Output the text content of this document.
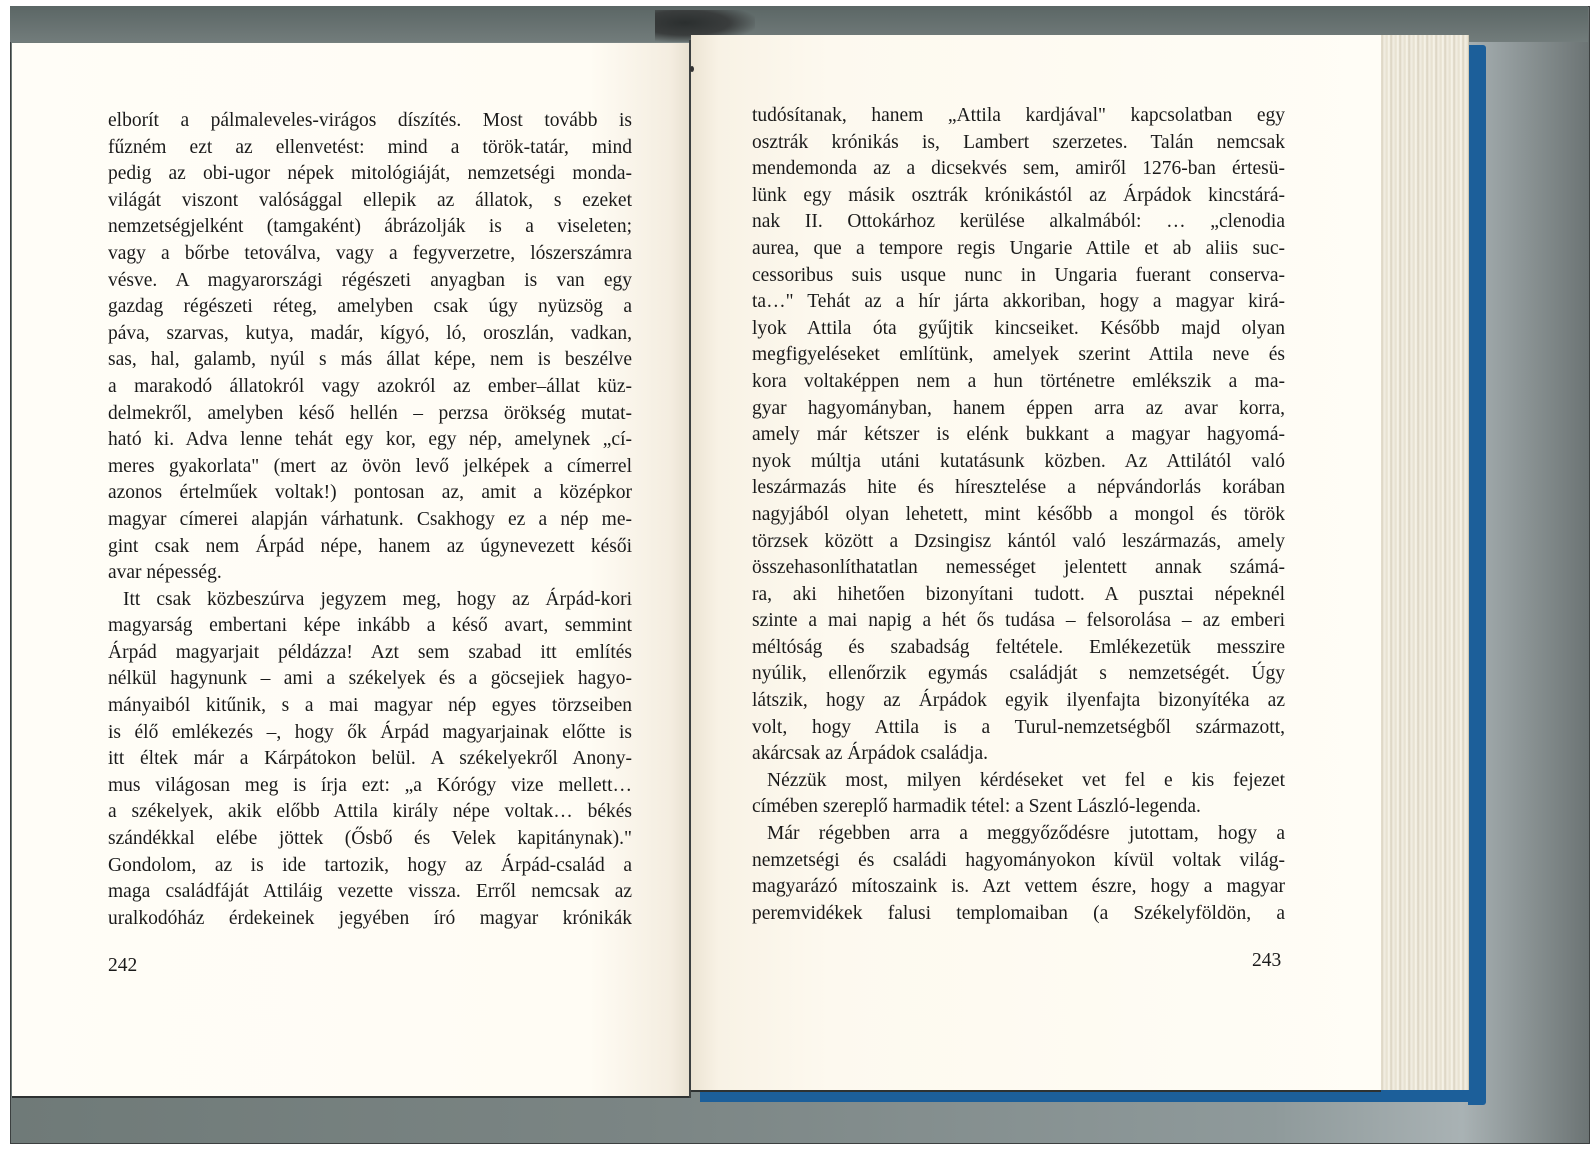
elborít a pálmaleveles-virágos díszítés. Most tovább is
fűzném ezt az ellenvetést: mind a török-tatár, mind
pedig az obi-ugor népek mitológiáját, nemzetségi monda-
világát viszont valósággal ellepik az állatok, s ezeket
nemzetségjelként (tamgaként) ábrázolják is a viseleten;
vagy a bőrbe tetoválva, vagy a fegyverzetre, lószerszámra
vésve. A magyarországi régészeti anyagban is van egy
gazdag régészeti réteg, amelyben csak úgy nyüzsög a
páva, szarvas, kutya, madár, kígyó, ló, oroszlán, vadkan,
sas, hal, galamb, nyúl s más állat képe, nem is beszélve
a marakodó állatokról vagy azokról az ember–állat küz-
delmekről, amelyben késő hellén – perzsa örökség mutat-
ható ki. Adva lenne tehát egy kor, egy nép, amelynek „cí-
meres gyakorlata" (mert az övön levő jelképek a címerrel
azonos értelműek voltak!) pontosan az, amit a középkor
magyar címerei alapján várhatunk. Csakhogy ez a nép me-
gint csak nem Árpád népe, hanem az úgynevezett késői
avar népesség.
Itt csak közbeszúrva jegyzem meg, hogy az Árpád-kori
magyarság embertani képe inkább a késő avart, semmint
Árpád magyarjait példázza! Azt sem szabad itt említés
nélkül hagynunk – ami a székelyek és a göcsejiek hagyo-
mányaiból kitűnik, s a mai magyar nép egyes törzseiben
is élő emlékezés –, hogy ők Árpád magyarjainak előtte is
itt éltek már a Kárpátokon belül. A székelyekről Anony-
mus világosan meg is írja ezt: „a Kórógy vize mellett…
a székelyek, akik előbb Attila király népe voltak… békés
szándékkal elébe jöttek (Ősbő és Velek kapitánynak)."
Gondolom, az is ide tartozik, hogy az Árpád-család a
maga családfáját Attiláig vezette vissza. Erről nemcsak az
uralkodóház érdekeinek jegyében író magyar krónikák
242
tudósítanak, hanem „Attila kardjával" kapcsolatban egy
osztrák krónikás is, Lambert szerzetes. Talán nemcsak
mendemonda az a dicsekvés sem, amiről 1276-ban értesü-
lünk egy másik osztrák krónikástól az Árpádok kincstárá-
nak II. Ottokárhoz kerülése alkalmából: … „clenodia
aurea, que a tempore regis Ungarie Attile et ab aliis suc-
cessoribus suis usque nunc in Ungaria fuerant conserva-
ta…" Tehát az a hír járta akkoriban, hogy a magyar kirá-
lyok Attila óta gyűjtik kincseiket. Később majd olyan
megfigyeléseket említünk, amelyek szerint Attila neve és
kora voltaképpen nem a hun történetre emlékszik a ma-
gyar hagyományban, hanem éppen arra az avar korra,
amely már kétszer is elénk bukkant a magyar hagyomá-
nyok múltja utáni kutatásunk közben. Az Attilától való
leszármazás hite és híresztelése a népvándorlás korában
nagyjából olyan lehetett, mint később a mongol és török
törzsek között a Dzsingisz kántól való leszármazás, amely
összehasonlíthatatlan nemességet jelentett annak számá-
ra, aki hihetően bizonyítani tudott. A pusztai népeknél
szinte a mai napig a hét ős tudása – felsorolása – az emberi
méltóság és szabadság feltétele. Emlékezetük messzire
nyúlik, ellenőrzik egymás családját s nemzetségét. Úgy
látszik, hogy az Árpádok egyik ilyenfajta bizonyítéka az
volt, hogy Attila is a Turul-nemzetségből származott,
akárcsak az Árpádok családja.
Nézzük most, milyen kérdéseket vet fel e kis fejezet
címében szereplő harmadik tétel: a Szent László-legenda.
Már régebben arra a meggyőződésre jutottam, hogy a
nemzetségi és családi hagyományokon kívül voltak világ-
magyarázó mítoszaink is. Azt vettem észre, hogy a magyar
peremvidékek falusi templomaiban (a Székelyföldön, a
243
